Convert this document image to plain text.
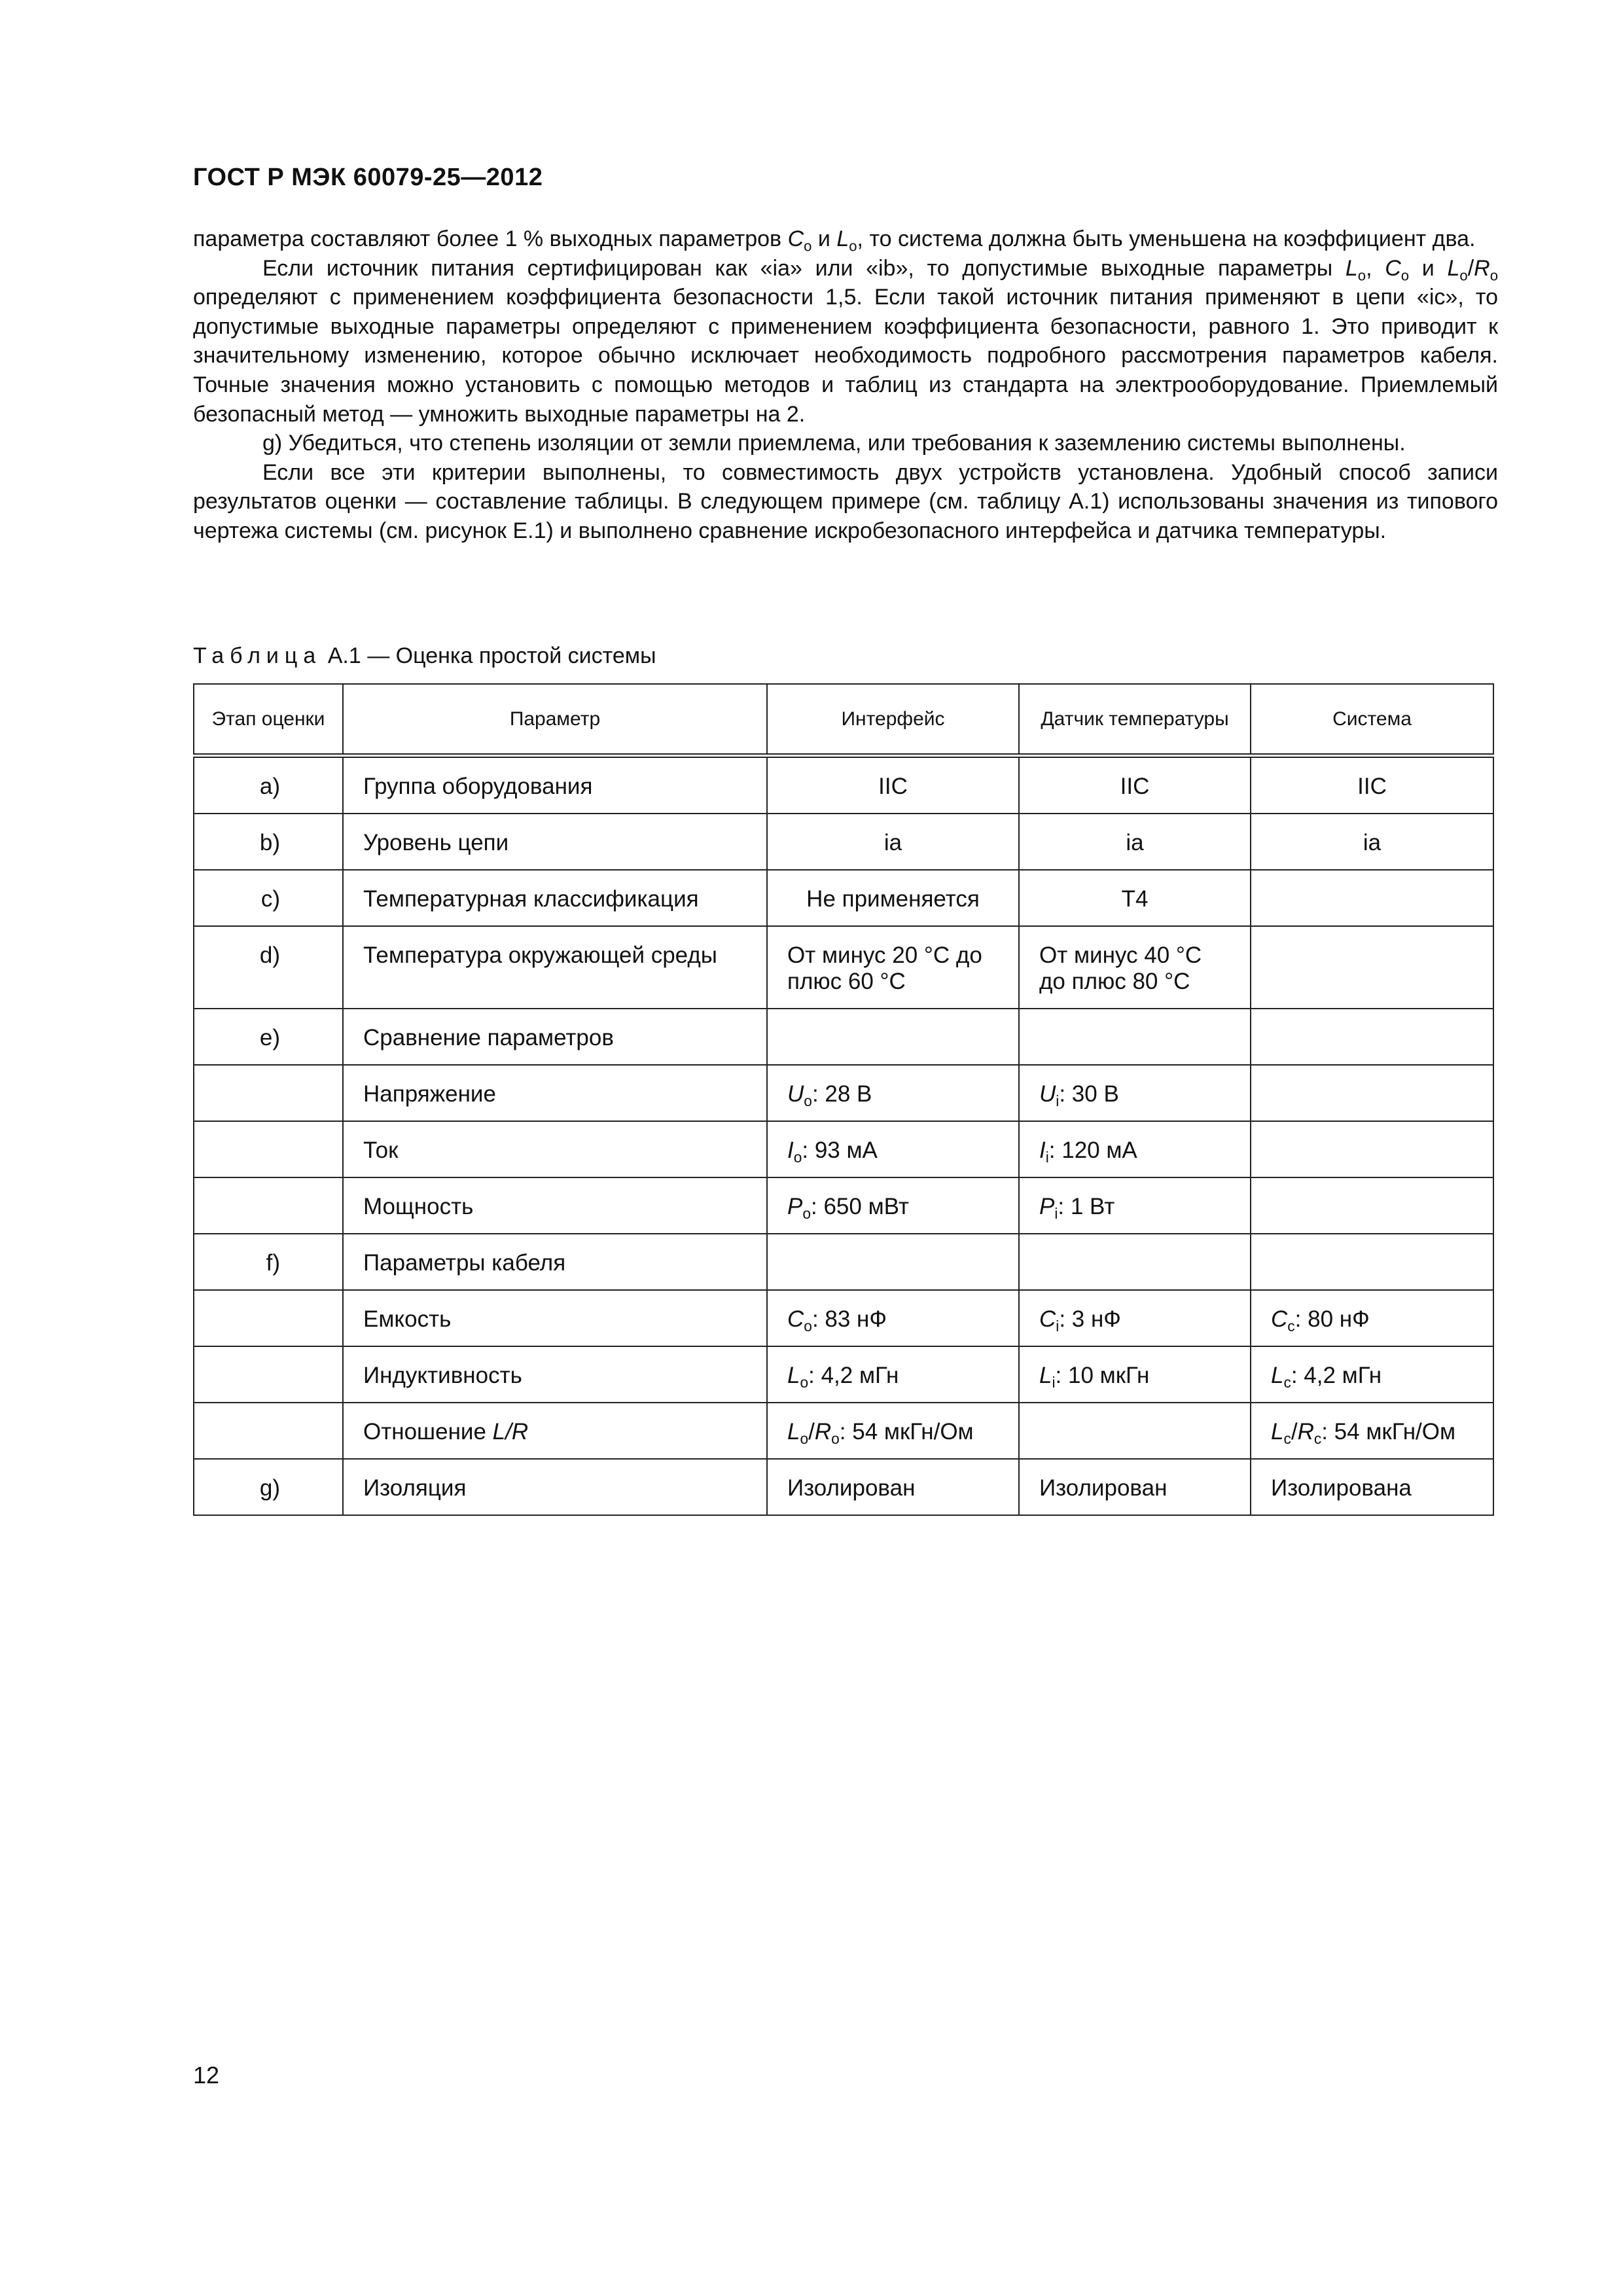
ГОСТ Р МЭК 60079-25—2012

параметра составляют более 1 % выходных параметров $C_o$ и $L_o$, то система должна быть уменьшена на коэффициент два.

Если источник питания сертифицирован как «ia» или «ib», то допустимые выходные параметры $L_o$, $C_o$ и $L_o/R_o$ определяют с применением коэффициента безопасности 1,5. Если такой источник питания применяют в цепи «ic», то допустимые выходные параметры определяют с применением коэффициента безопасности, равного 1. Это приводит к значительному изменению, которое обычно исключает необходимость подробного рассмотрения параметров кабеля. Точные значения можно установить с помощью методов и таблиц из стандарта на электрооборудование. Приемлемый безопасный метод — умножить выходные параметры на 2.

g) Убедиться, что степень изоляции от земли приемлема, или требования к заземлению системы выполнены.

Если все эти критерии выполнены, то совместимость двух устройств установлена. Удобный способ записи результатов оценки — составление таблицы. В следующем примере (см. таблицу А.1) использованы значения из типового чертежа системы (см. рисунок Е.1) и выполнено сравнение искробезопасного интерфейса и датчика температуры.

Таблица А.1 — Оценка простой системы
Этап оценки	Параметр	Интерфейс	Датчик температуры	Система
a)	Группа оборудования	IIC	IIC	IIC
b)	Уровень цепи	ia	ia	ia
c)	Температурная классификация	Не применяется	T4	
d)	Температура окружающей среды	От минус 20 °С до плюс 60 °С	От минус 40 °С до плюс 80 °С	
e)	Сравнение параметров			
	Напряжение	$U_o$: 28 В	$U_i$: 30 В	
	Ток	$I_o$: 93 мА	$I_i$: 120 мА	
	Мощность	$P_o$: 650 мВт	$P_i$: 1 Вт	
f)	Параметры кабеля			
	Емкость	$C_o$: 83 нФ	$C_i$: 3 нФ	$C_c$: 80 нФ
	Индуктивность	$L_o$: 4,2 мГн	$L_i$: 10 мкГн	$L_c$: 4,2 мГн
	Отношение L/R	$L_o/R_o$: 54 мкГн/Ом		$L_c/R_c$: 54 мкГн/Ом
g)	Изоляция	Изолирован	Изолирован	Изолирована
12
